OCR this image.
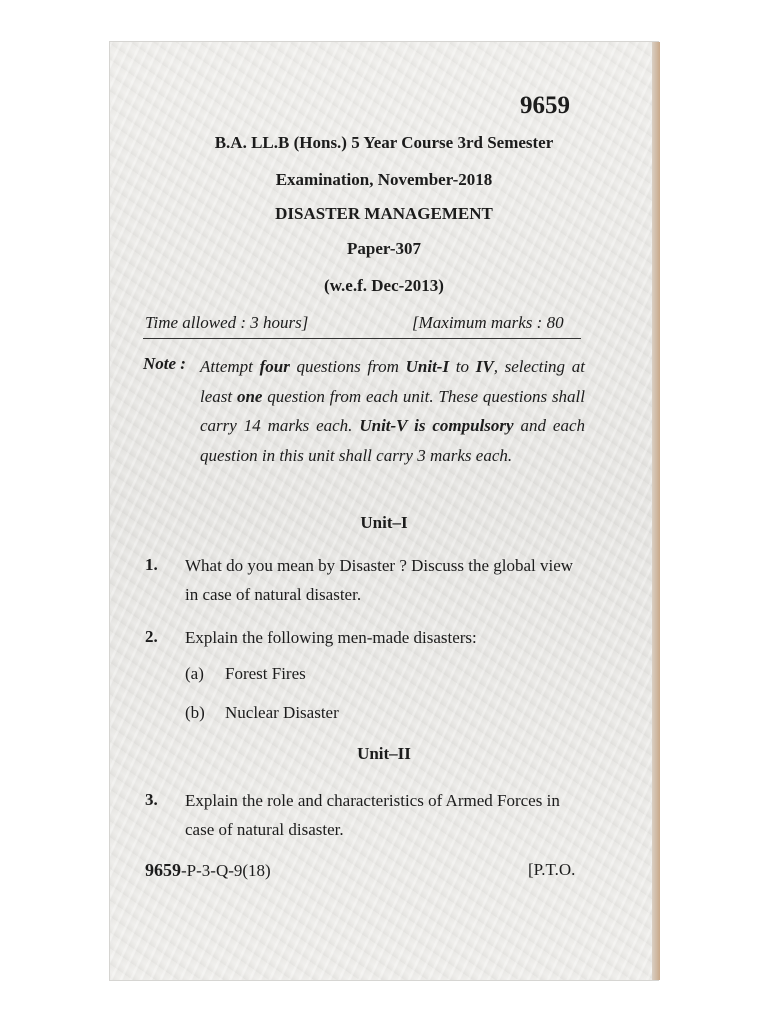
9659
B.A. LL.B (Hons.) 5 Year Course 3rd Semester
Examination, November-2018
DISASTER MANAGEMENT
Paper-307
(w.e.f. Dec-2013)
Time allowed : 3 hours]	[Maximum marks : 80
Note : Attempt four questions from Unit-I to IV, selecting at least one question from each unit. These questions shall carry 14 marks each. Unit-V is compulsory and each question in this unit shall carry 3 marks each.
Unit–I
1. What do you mean by Disaster ? Discuss the global view in case of natural disaster.
2. Explain the following men-made disasters:
(a) Forest Fires
(b) Nuclear Disaster
Unit–II
3. Explain the role and characteristics of Armed Forces in case of natural disaster.
9659-P-3-Q-9(18)	[P.T.O.
